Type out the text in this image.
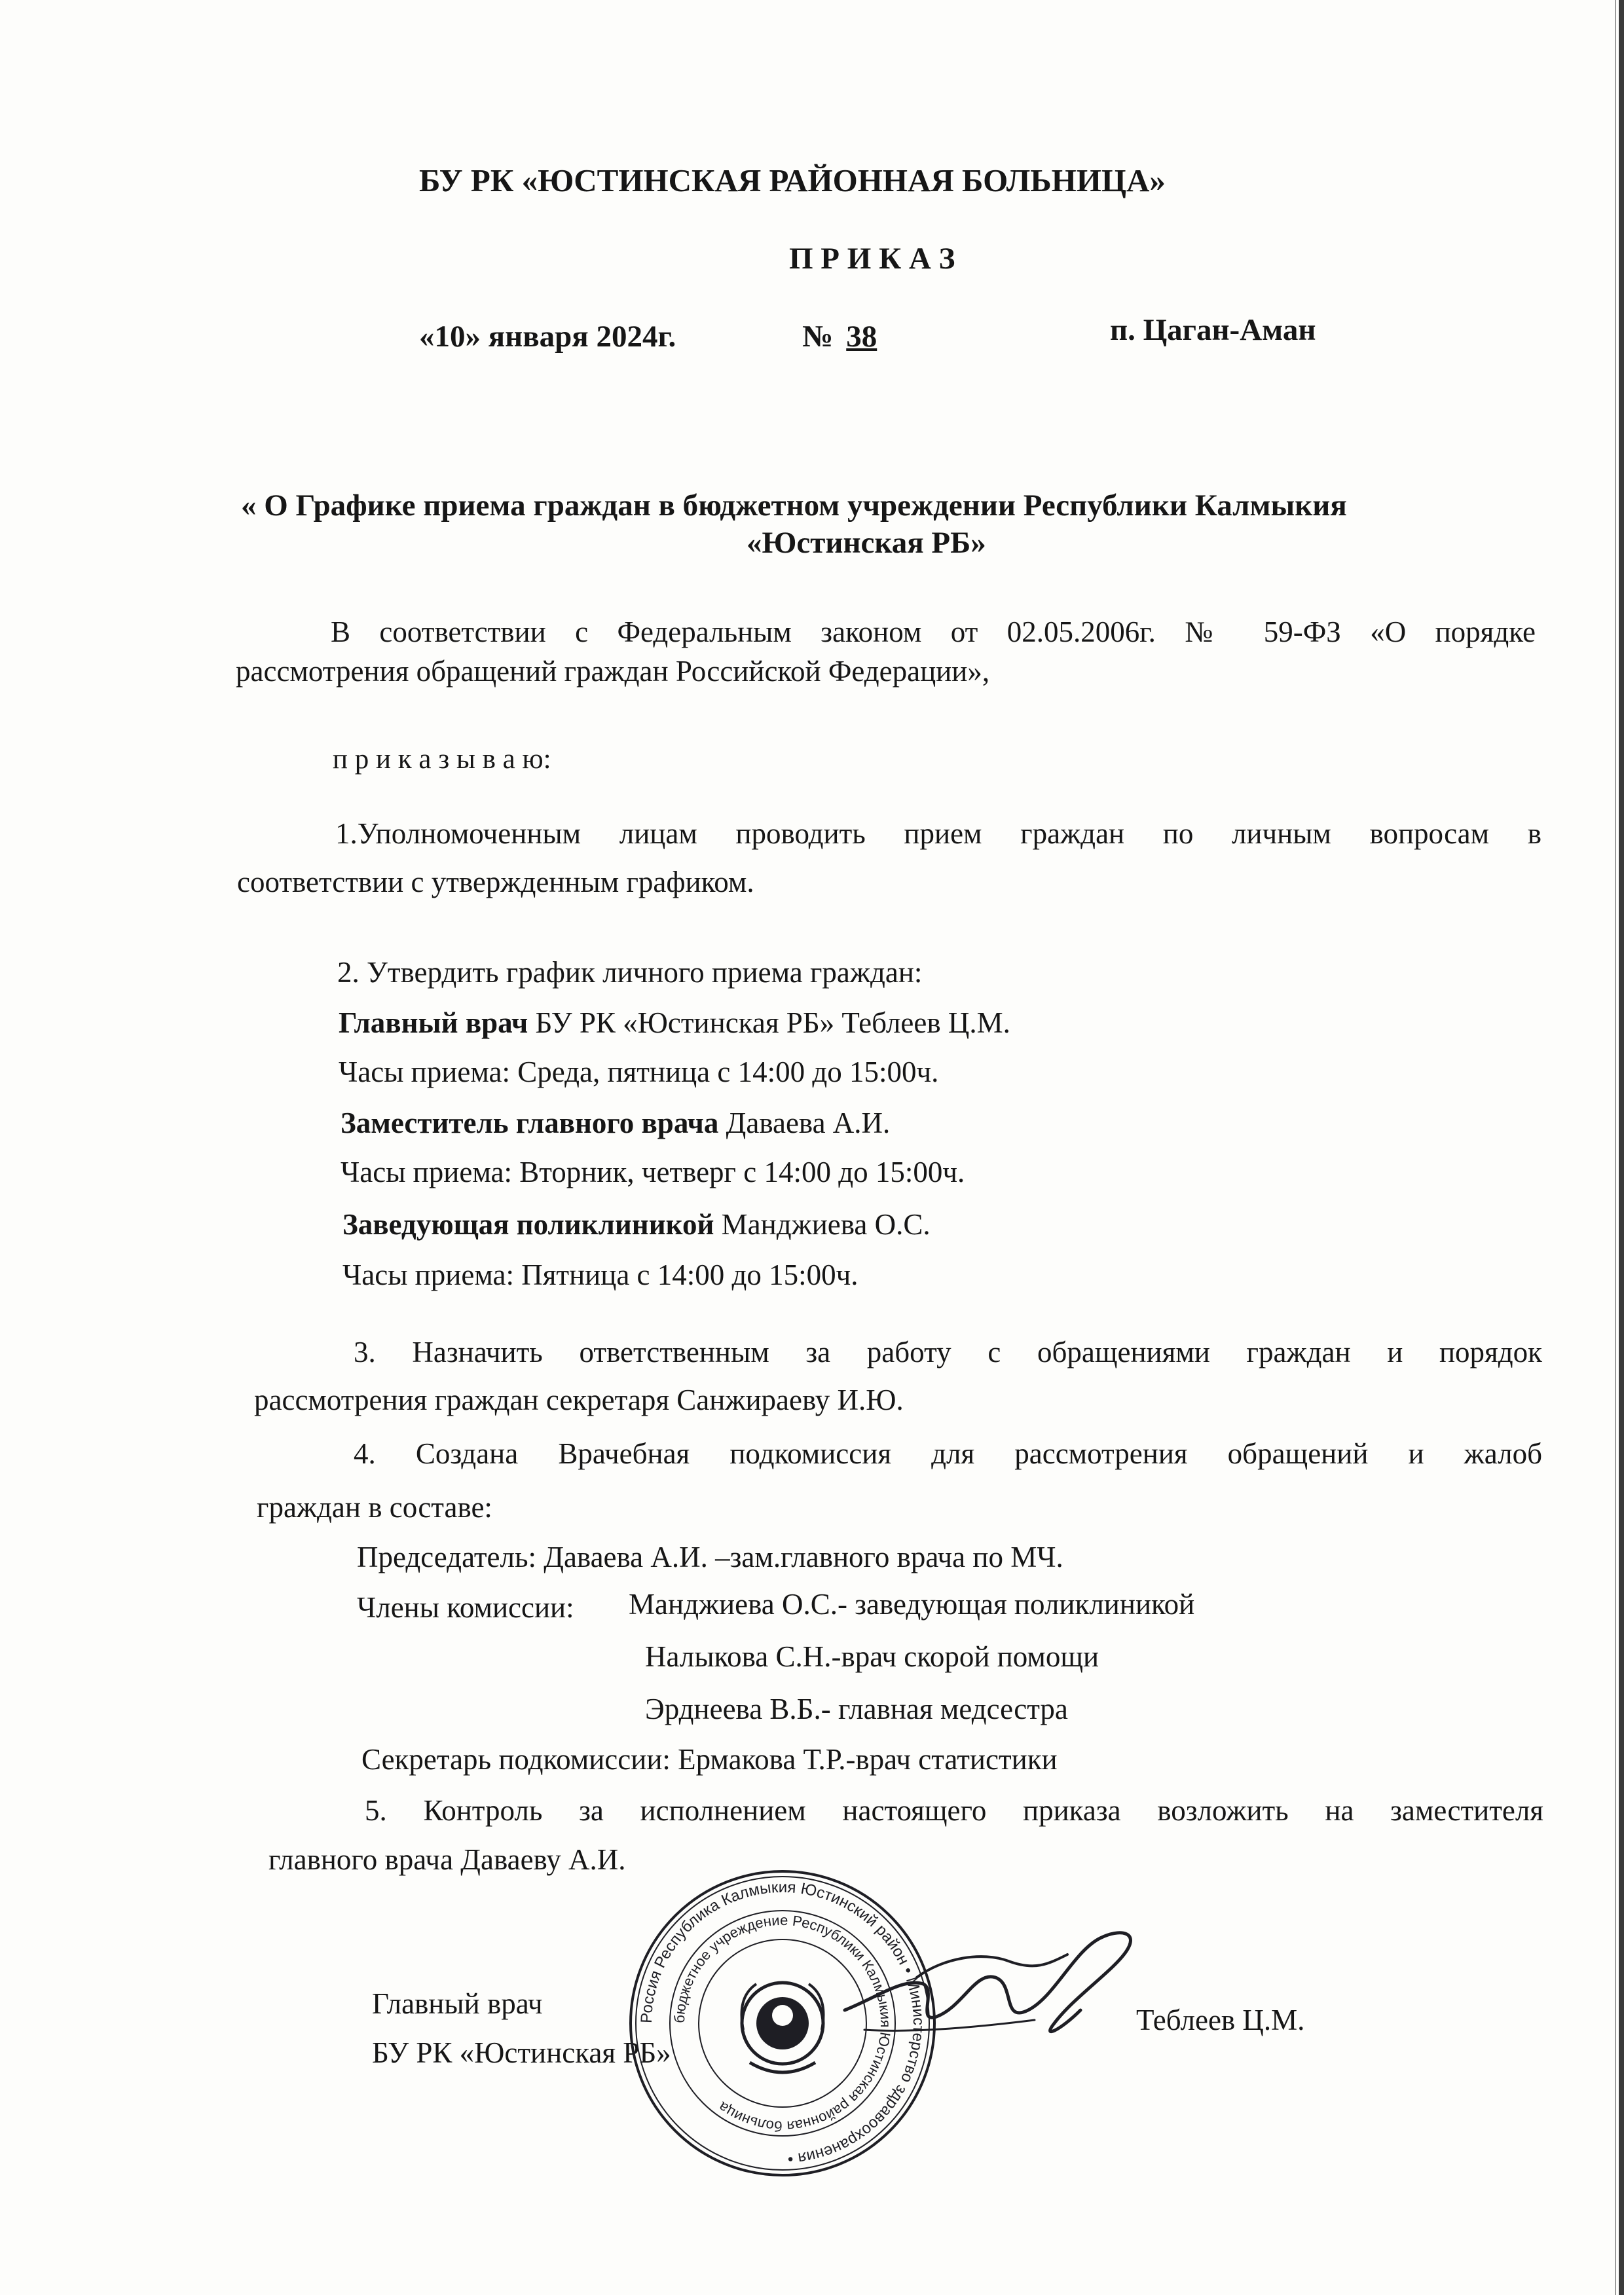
БУ РК «ЮСТИНСКАЯ РАЙОННАЯ БОЛЬНИЦА»
П Р И К А З
«10» января 2024г.	№ 38	п. Цаган-Аман
« О Графике приема граждан в бюджетном учреждении Республики Калмыкия
«Юстинская РБ»
В соответствии с Федеральным законом от 02.05.2006г. № 59-ФЗ «О порядке
рассмотрения обращений граждан Российской Федерации»,
п р и к а з ы в а ю:
1.Уполномоченным лицам проводить прием граждан по личным вопросам в
соответствии с утвержденным графиком.
2. Утвердить график личного приема граждан:
Главный врач БУ РК «Юстинская РБ» Теблеев Ц.М.
Часы приема: Среда, пятница с 14:00 до 15:00ч.
Заместитель главного врача Даваева А.И.
Часы приема: Вторник, четверг с 14:00 до 15:00ч.
Заведующая поликлиникой Манджиева О.С.
Часы приема: Пятница с 14:00 до 15:00ч.
3. Назначить ответственным за работу с обращениями граждан и порядок
рассмотрения граждан секретаря Санжираеву И.Ю.
4. Создана Врачебная подкомиссия для рассмотрения обращений и жалоб
граждан в составе:
Председатель: Даваева А.И. –зам.главного врача по МЧ.
Члены комиссии: Манджиева О.С.- заведующая поликлиникой
Налыкова С.Н.-врач скорой помощи
Эрднеева В.Б.- главная медсестра
Секретарь подкомиссии: Ермакова Т.Р.-врач статистики
5. Контроль за исполнением настоящего приказа возложить на заместителя
главного врача Даваеву А.И.
Главный врач
БУ РК «Юстинская РБ»
Теблеев Ц.М.
Россия Республика Калмыкия Юстинский район • Министерство здравоохранения •
бюджетное учреждение Республики Калмыкия Юстинская районная больница
